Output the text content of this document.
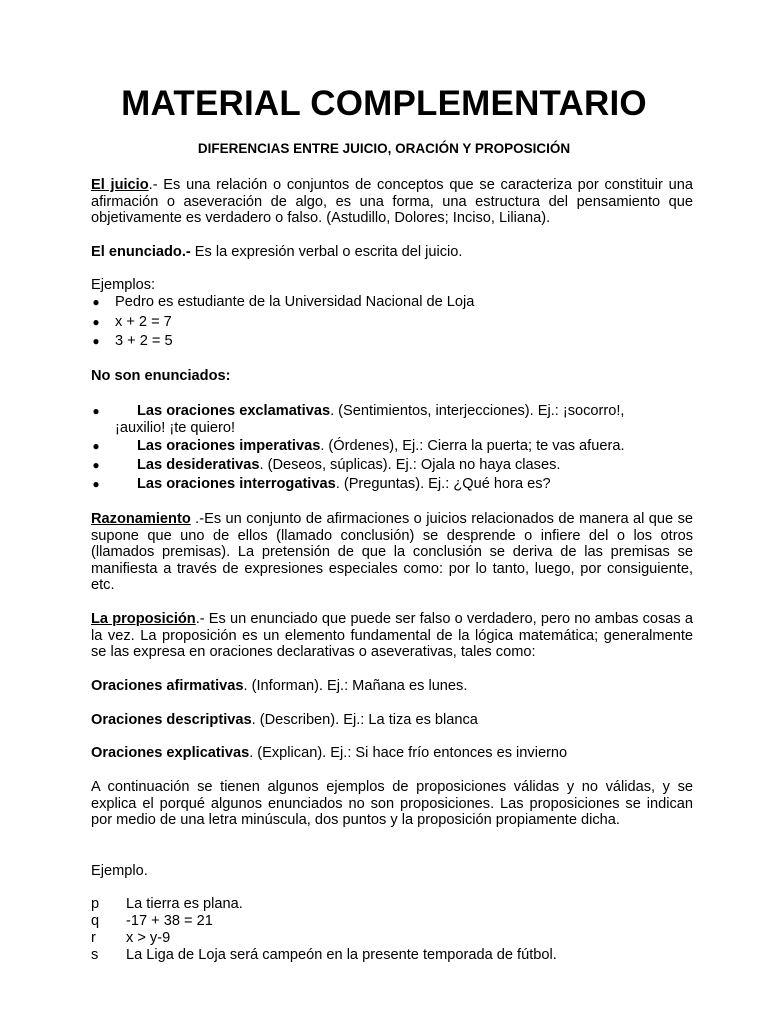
MATERIAL COMPLEMENTARIO
DIFERENCIAS ENTRE JUICIO, ORACIÓN Y PROPOSICIÓN
El juicio.- Es una relación o conjuntos de conceptos que se caracteriza por constituir una afirmación o aseveración de algo, es una forma, una estructura del pensamiento que objetivamente es verdadero o falso. (Astudillo, Dolores; Inciso, Liliana).
El enunciado.- Es la expresión verbal o escrita del juicio.
Ejemplos:
● Pedro es estudiante de la Universidad Nacional de Loja
● x + 2 = 7
● 3 + 2 = 5
No son enunciados:
●	Las oraciones exclamativas. (Sentimientos, interjecciones). Ej.: ¡socorro!,
¡auxilio! ¡te quiero!
●	Las oraciones imperativas. (Órdenes), Ej.: Cierra la puerta; te vas afuera.
●	Las desiderativas. (Deseos, súplicas). Ej.: Ojala no haya clases.
●	Las oraciones interrogativas. (Preguntas). Ej.: ¿Qué hora es?
Razonamiento .-Es un conjunto de afirmaciones o juicios relacionados de manera al que se supone que uno de ellos (llamado conclusión) se desprende o infiere del o los otros (llamados premisas). La pretensión de que la conclusión se deriva de las premisas se manifiesta a través de expresiones especiales como: por lo tanto, luego, por consiguiente, etc.
La proposición.- Es un enunciado que puede ser falso o verdadero, pero no ambas cosas a la vez. La proposición es un elemento fundamental de la lógica matemática; generalmente se las expresa en oraciones declarativas o aseverativas, tales como:
Oraciones afirmativas. (Informan). Ej.: Mañana es lunes.
Oraciones descriptivas. (Describen). Ej.: La tiza es blanca
Oraciones explicativas. (Explican). Ej.: Si hace frío entonces es invierno
A continuación se tienen algunos ejemplos de proposiciones válidas y no válidas, y se explica el porqué algunos enunciados no son proposiciones. Las proposiciones se indican por medio de una letra minúscula, dos puntos y la proposición propiamente dicha.
Ejemplo.
p La tierra es plana.
q -17 + 38 = 21
r x > y-9
s La Liga de Loja será campeón en la presente temporada de fútbol.
